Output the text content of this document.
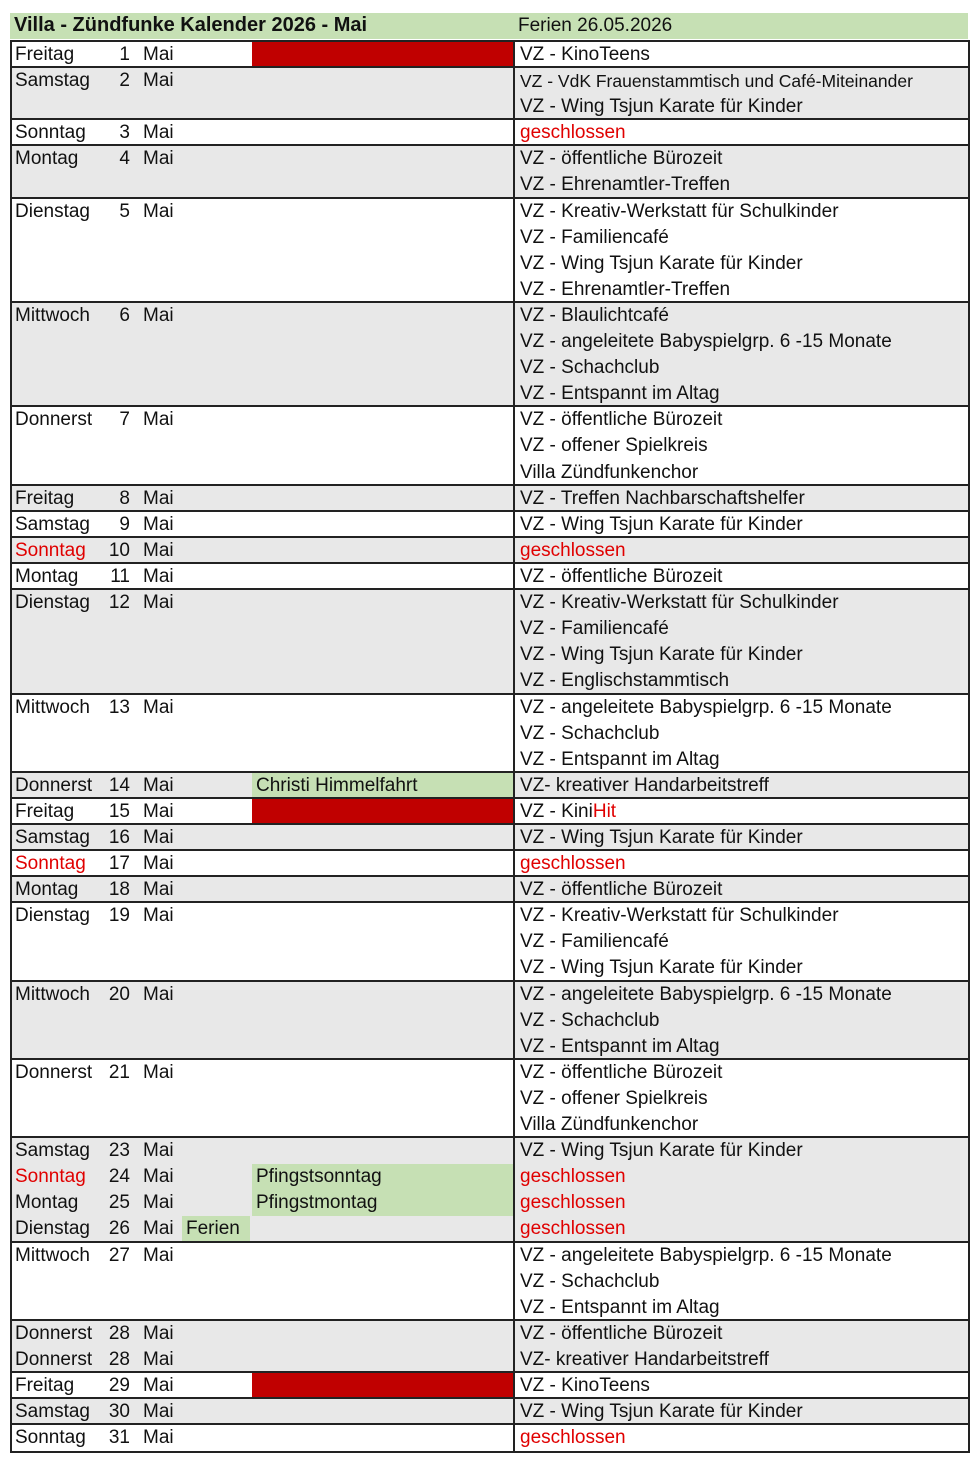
Villa - Zündfunke Kalender 2026 - Mai	Ferien 26.05.2026
Freitag	1 Mai	VZ - KinoTeens
Samstag	2 Mai	VZ - VdK Frauenstammtisch und Café-Miteinander
VZ - Wing Tsjun Karate für Kinder
Sonntag	3 Mai	geschlossen
Montag	4 Mai	VZ - öffentliche Bürozeit
VZ - Ehrenamtler-Treffen
Dienstag	5 Mai	VZ - Kreativ-Werkstatt für Schulkinder
VZ - Familiencafé
VZ - Wing Tsjun Karate für Kinder
VZ - Ehrenamtler-Treffen
Mittwoch	6 Mai	VZ - Blaulichtcafé
VZ - angeleitete Babyspielgrp. 6 -15 Monate
VZ - Schachclub
VZ - Entspannt im Altag
Donnerst	7 Mai	VZ - öffentliche Bürozeit
VZ - offener Spielkreis
Villa Zündfunkenchor
Freitag	8 Mai	VZ - Treffen Nachbarschaftshelfer
Samstag	9 Mai	VZ - Wing Tsjun Karate für Kinder
Sonntag 10 Mai	geschlossen
Montag	11 Mai	VZ - öffentliche Bürozeit
Dienstag 12 Mai	VZ - Kreativ-Werkstatt für Schulkinder
VZ - Familiencafé
VZ - Wing Tsjun Karate für Kinder
VZ - Englischstammtisch
Mittwoch 13 Mai	VZ - angeleitete Babyspielgrp. 6 -15 Monate
VZ - Schachclub
VZ - Entspannt im Altag
Donnerst 14 Mai	Christi Himmelfahrt	VZ- kreativer Handarbeitstreff
Freitag 15 Mai	VZ - KiniHit
Samstag 16 Mai	VZ - Wing Tsjun Karate für Kinder
Sonntag 17 Mai	geschlossen
Montag 18 Mai	VZ - öffentliche Bürozeit
Dienstag 19 Mai	VZ - Kreativ-Werkstatt für Schulkinder
VZ - Familiencafé
VZ - Wing Tsjun Karate für Kinder
Mittwoch 20 Mai	VZ - angeleitete Babyspielgrp. 6 -15 Monate
VZ - Schachclub
VZ - Entspannt im Altag
Donnerst 21 Mai	VZ - öffentliche Bürozeit
VZ - offener Spielkreis
Villa Zündfunkenchor
Samstag 23 Mai	VZ - Wing Tsjun Karate für Kinder
Sonntag 24 Mai	Pfingstsonntag	geschlossen
Montag 25 Mai	Pfingstmontag	geschlossen
Dienstag 26 Mai Ferien	geschlossen
Mittwoch 27 Mai	VZ - angeleitete Babyspielgrp. 6 -15 Monate
VZ - Schachclub
VZ - Entspannt im Altag
Donnerst 28 Mai	VZ - öffentliche Bürozeit
Donnerst 28 Mai	VZ- kreativer Handarbeitstreff
Freitag 29 Mai	VZ - KinoTeens
Samstag 30 Mai	VZ - Wing Tsjun Karate für Kinder
Sonntag 31 Mai	geschlossen
